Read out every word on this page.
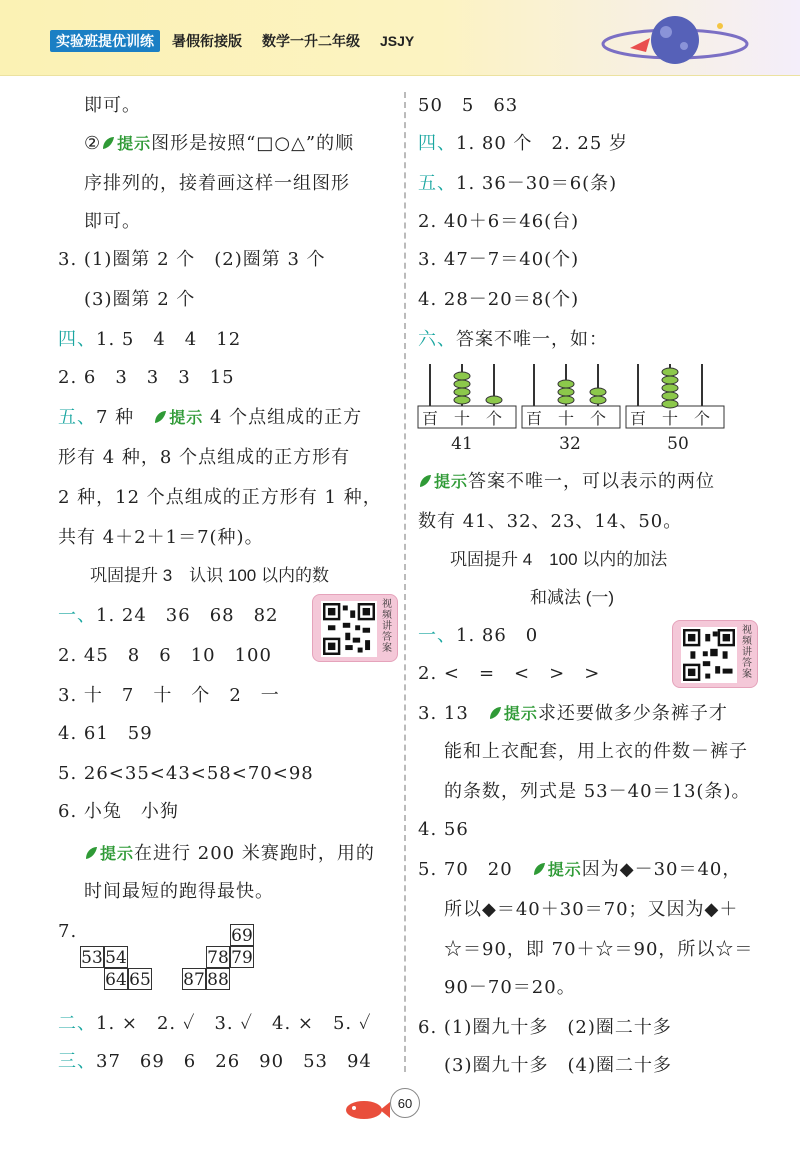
实验班提优训练	暑假衔接版 数学一升二年级 JSJY
即可。
② 提示图形是按照“□○△”的顺
序排列的，接着画这样一组图形
即可。
3. (1)圈第 2 个　(2)圈第 3 个
(3)圈第 2 个
四、1. 5　4　4　12
2. 6　3　3　3　15
五、7 种　 提示 4 个点组成的正方
形有 4 种，8 个点组成的正方形有
2 种，12 个点组成的正方形有 1 种，
共有 4＋2＋1＝7(种)。
巩固提升 3　认识 100 以内的数
视频讲答案
一、1. 24　36　68　82
2. 45　8　6　10　100
3. 十　7　十　个　2　一
4. 61　59
5. 26<35<43<58<70<98
6. 小兔　小狗
提示在进行 200 米赛跑时，用的
时间最短的跑得最快。
7.
53 54
64 65
69
78 79
87 88
二、1. ×　2. ✓　3. ✓　4. ×　5. ✓
三、37　69　6　26　90　53　94
50　5　63
四、1. 80 个　2. 25 岁
五、1. 36－30＝6(条)
2. 40＋6＝46(台)
3. 47－7＝40(个)
4. 28－20＝8(个)
六、答案不唯一，如：
百 十 个 百 十 个 百 十 个
41	32	50
提示答案不唯一，可以表示的两位
数有 41、32、23、14、50。
巩固提升 4　100 以内的加法
和减法 (一)
视频讲答案
一、1. 86　0
2. <　=　<　>　>
3. 13　 提示求还要做多少条裤子才
能和上衣配套，用上衣的件数－裤子
的条数，列式是 53－40＝13(条)。
4. 56
5. 70　20　 提示因为◆－30＝40，
所以◆＝40＋30＝70；又因为◆＋
☆＝90，即 70＋☆＝90，所以☆＝
90－70＝20。
6. (1)圈九十多　(2)圈二十多
(3)圈九十多　(4)圈二十多
60
